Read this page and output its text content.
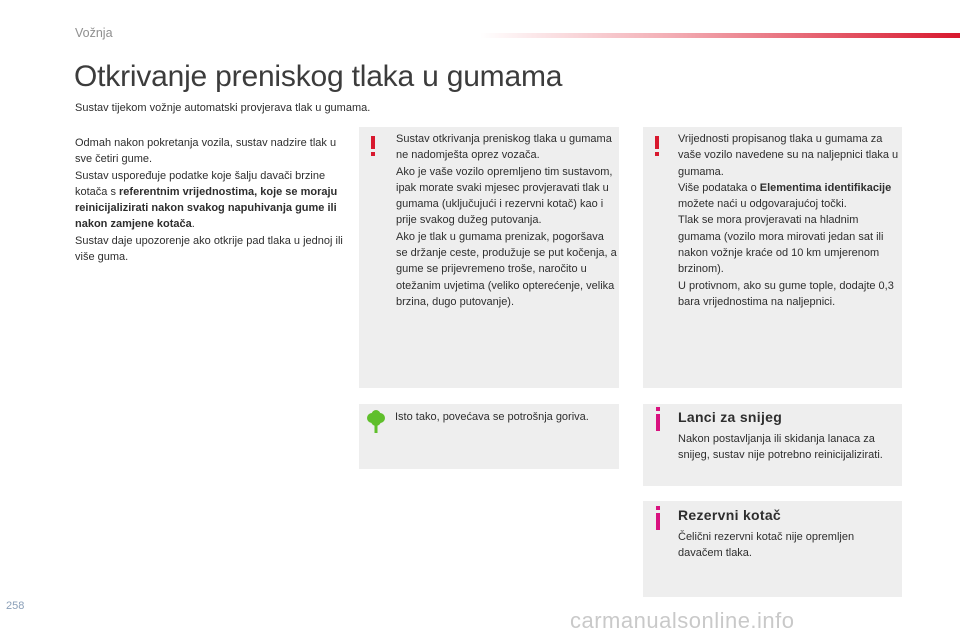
Vožnja
Otkrivanje preniskog tlaka u gumama
Sustav tijekom vožnje automatski provjerava tlak u gumama.

Odmah nakon pokretanja vozila, sustav nadzire tlak u sve četiri gume.

Sustav uspoređuje podatke koje šalju davači brzine kotača s referentnim vrijednostima, koje se moraju reinicijalizirati nakon svakog napuhivanja gume ili nakon zamjene kotača.

Sustav daje upozorenje ako otkrije pad tlaka u jednoj ili više guma.

Sustav otkrivanja preniskog tlaka u gumama ne nadomješta oprez vozača.

Ako je vaše vozilo opremljeno tim sustavom, ipak morate svaki mjesec provjeravati tlak u gumama (uključujući i rezervni kotač) kao i prije svakog dužeg putovanja.

Ako je tlak u gumama prenizak, pogoršava se držanje ceste, produžuje se put kočenja, a gume se prijevremeno troše, naročito u otežanim uvjetima (veliko opterećenje, velika brzina, dugo putovanje).

Vrijednosti propisanog tlaka u gumama za vaše vozilo navedene su na naljepnici tlaka u gumama.

Više podataka o Elementima identifikacije možete naći u odgovarajućoj točki.

Tlak se mora provjeravati na hladnim gumama (vozilo mora mirovati jedan sat ili nakon vožnje kraće od 10 km umjerenom brzinom).

U protivnom, ako su gume tople, dodajte 0,3 bara vrijednostima na naljepnici.

Isto tako, povećava se potrošnja goriva.	Lanci za snijeg
Nakon postavljanja ili skidanja lanaca za snijeg, sustav nije potrebno reinicijalizirati.
Rezervni kotač
Čelični rezervni kotač nije opremljen davačem tlaka.
258
carmanualsonline.info
